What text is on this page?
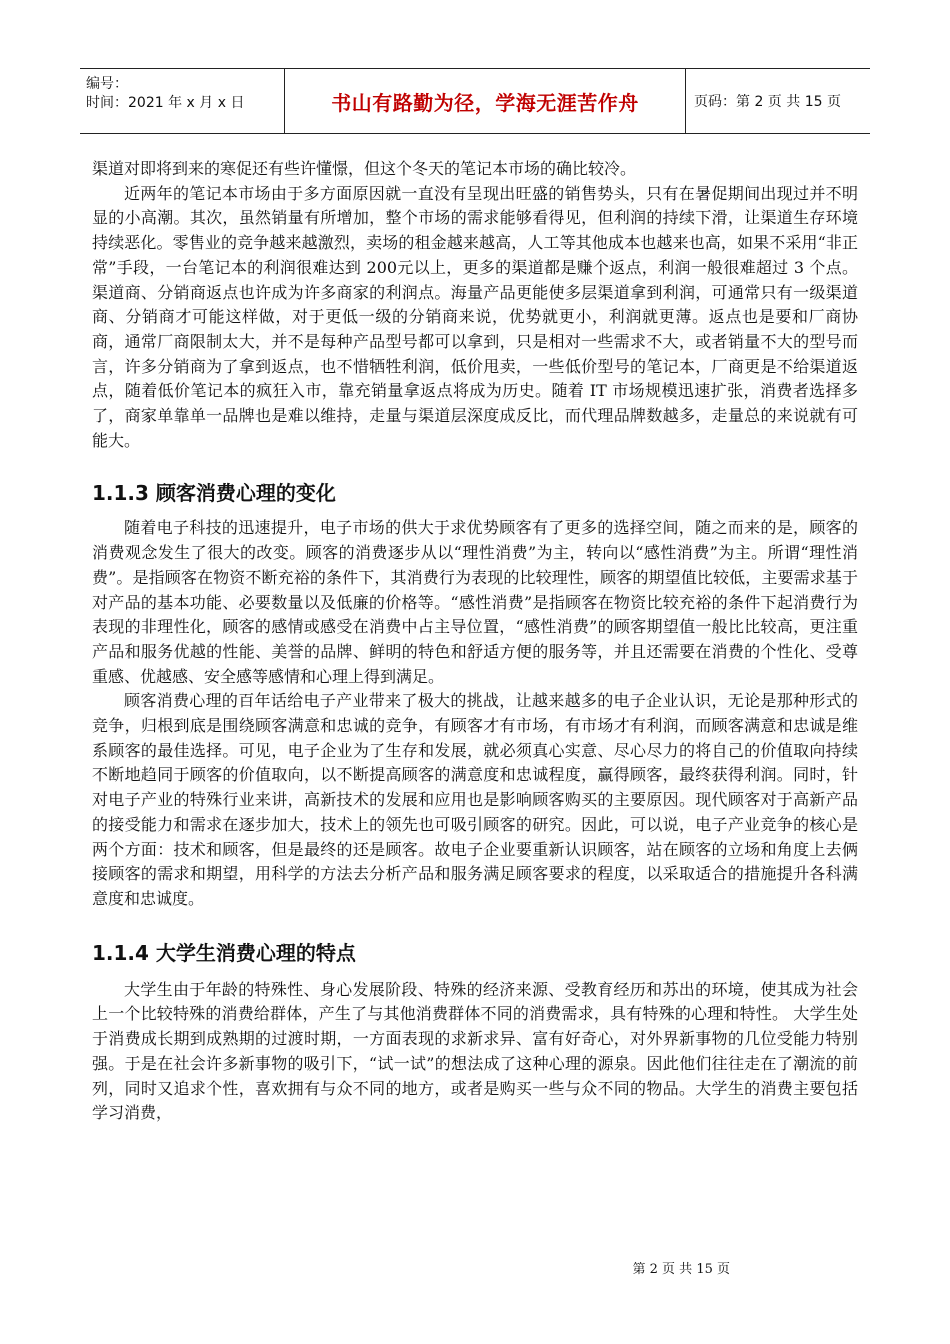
编号：
时间：2021 年 x 月 x 日	书山有路勤为径，学海无涯苦作舟	页码：第 2 页 共 15 页

渠道对即将到来的寒促还有些许懂憬，但这个冬天的笔记本市场的确比较冷。

近两年的笔记本市场由于多方面原因就一直没有呈现出旺盛的销售势头，只有在暑促期间出现过并不明显的小高潮。其次，虽然销量有所增加，整个市场的需求能够看得见，但利润的持续下滑，让渠道生存环境持续恶化。零售业的竞争越来越激烈，卖场的租金越来越高，人工等其他成本也越来也高，如果不采用“非正常”手段，一台笔记本的利润很难达到 200元以上，更多的渠道都是赚个返点，利润一般很难超过 3 个点。渠道商、分销商返点也许成为许多商家的利润点。海量产品更能使多层渠道拿到利润，可通常只有一级渠道商、分销商才可能这样做，对于更低一级的分销商来说，优势就更小，利润就更薄。返点也是要和厂商协商，通常厂商限制太大，并不是每种产品型号都可以拿到，只是相对一些需求不大，或者销量不大的型号而言，许多分销商为了拿到返点，也不惜牺牲利润，低价甩卖，一些低价型号的笔记本，厂商更是不给渠道返点，随着低价笔记本的疯狂入市，靠充销量拿返点将成为历史。随着 IT 市场规模迅速扩张，消费者选择多了，商家单靠单一品牌也是难以维持，走量与渠道层深度成反比，而代理品牌数越多，走量总的来说就有可能大。

1.1.3 顾客消费心理的变化

随着电子科技的迅速提升，电子市场的供大于求优势顾客有了更多的选择空间，随之而来的是，顾客的消费观念发生了很大的改变。顾客的消费逐步从以“理性消费”为主，转向以“感性消费”为主。所谓“理性消费”。是指顾客在物资不断充裕的条件下，其消费行为表现的比较理性，顾客的期望值比较低，主要需求基于对产品的基本功能、必要数量以及低廉的价格等。“感性消费”是指顾客在物资比较充裕的条件下起消费行为表现的非理性化，顾客的感情或感受在消费中占主导位置，“感性消费”的顾客期望值一般比比较高，更注重产品和服务优越的性能、美誉的品牌、鲜明的特色和舒适方便的服务等，并且还需要在消费的个性化、受尊重感、优越感、安全感等感情和心理上得到满足。

顾客消费心理的百年话给电子产业带来了极大的挑战，让越来越多的电子企业认识，无论是那种形式的竞争，归根到底是围绕顾客满意和忠诚的竞争，有顾客才有市场，有市场才有利润，而顾客满意和忠诚是维系顾客的最佳选择。可见，电子企业为了生存和发展，就必须真心实意、尽心尽力的将自己的价值取向持续不断地趋同于顾客的价值取向，以不断提高顾客的满意度和忠诚程度，赢得顾客，最终获得利润。同时，针对电子产业的特殊行业来讲，高新技术的发展和应用也是影响顾客购买的主要原因。现代顾客对于高新产品的接受能力和需求在逐步加大，技术上的领先也可吸引顾客的研究。因此，可以说，电子产业竞争的核心是两个方面：技术和顾客，但是最终的还是顾客。故电子企业要重新认识顾客，站在顾客的立场和角度上去俩接顾客的需求和期望，用科学的方法去分析产品和服务满足顾客要求的程度，以采取适合的措施提升各科满意度和忠诚度。

1.1.4 大学生消费心理的特点

大学生由于年龄的特殊性、身心发展阶段、特殊的经济来源、受教育经历和苏出的环境，使其成为社会上一个比较特殊的消费给群体，产生了与其他消费群体不同的消费需求，具有特殊的心理和特性。 大学生处于消费成长期到成熟期的过渡时期，一方面表现的求新求异、富有好奇心，对外界新事物的几位受能力特别强。于是在社会许多新事物的吸引下，“试一试”的想法成了这种心理的源泉。因此他们往往走在了潮流的前列，同时又追求个性，喜欢拥有与众不同的地方，或者是购买一些与众不同的物品。大学生的消费主要包括学习消费，

第 2 页 共 15 页
